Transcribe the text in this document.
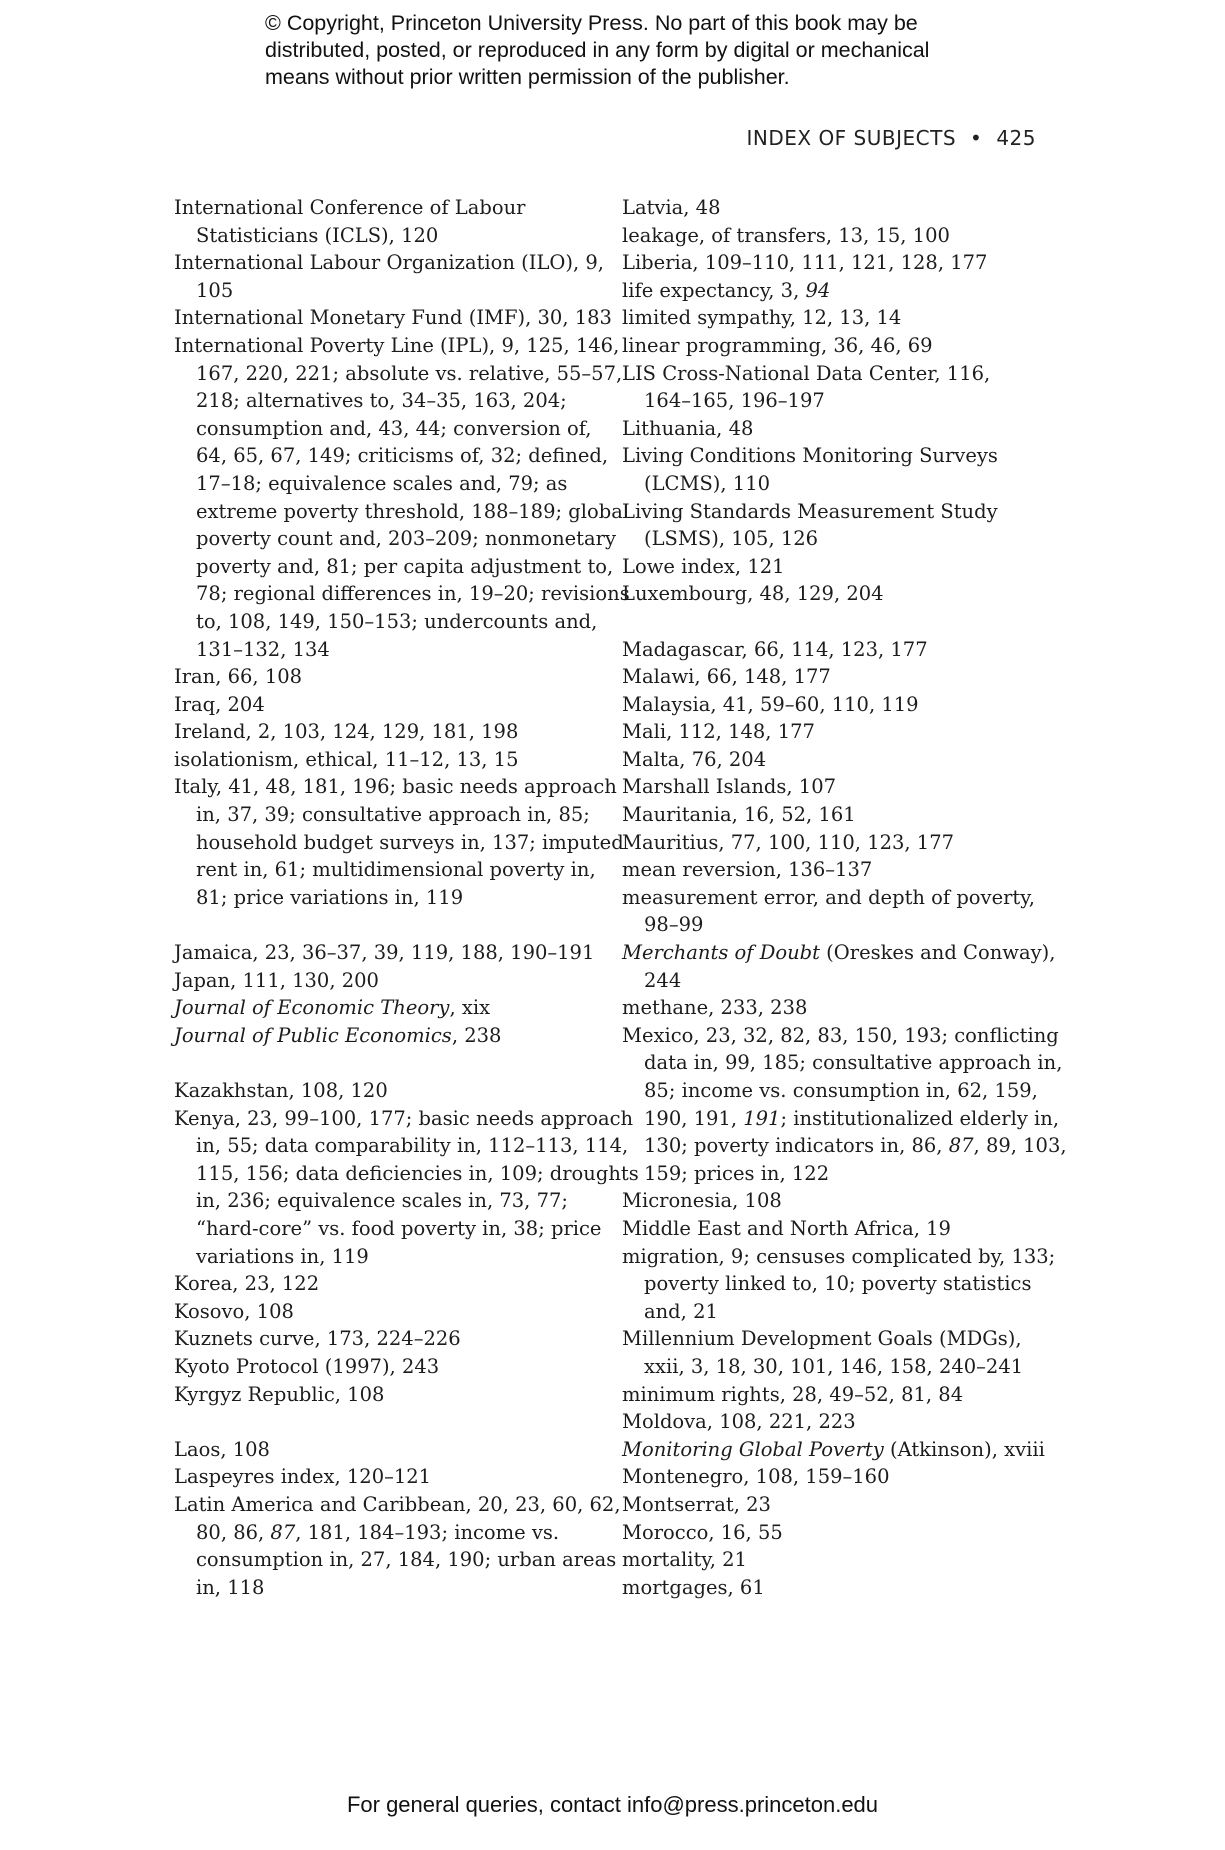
© Copyright, Princeton University Press. No part of this book may be
distributed, posted, or reproduced in any form by digital or mechanical
means without prior written permission of the publisher.
INDEX OF SUBJECTS • 425
International Conference of Labour
Statisticians (ICLS), 120
International Labour Organization (ILO), 9,
105
International Monetary Fund (IMF), 30, 183
International Poverty Line (IPL), 9, 125, 146,
167, 220, 221; absolute vs. relative, 55–57,
218; alternatives to, 34–35, 163, 204;
consumption and, 43, 44; conversion of,
64, 65, 67, 149; criticisms of, 32; defined,
17–18; equivalence scales and, 79; as
extreme poverty threshold, 188–189; global
poverty count and, 203–209; nonmonetary
poverty and, 81; per capita adjustment to,
78; regional differences in, 19–20; revisions
to, 108, 149, 150–153; undercounts and,
131–132, 134
Iran, 66, 108
Iraq, 204
Ireland, 2, 103, 124, 129, 181, 198
isolationism, ethical, 11–12, 13, 15
Italy, 41, 48, 181, 196; basic needs approach
in, 37, 39; consultative approach in, 85;
household budget surveys in, 137; imputed
rent in, 61; multidimensional poverty in,
81; price variations in, 119
Jamaica, 23, 36–37, 39, 119, 188, 190–191
Japan, 111, 130, 200
Journal of Economic Theory, xix
Journal of Public Economics, 238
Kazakhstan, 108, 120
Kenya, 23, 99–100, 177; basic needs approach
in, 55; data comparability in, 112–113, 114,
115, 156; data deficiencies in, 109; droughts
in, 236; equivalence scales in, 73, 77;
“hard-core” vs. food poverty in, 38; price
variations in, 119
Korea, 23, 122
Kosovo, 108
Kuznets curve, 173, 224–226
Kyoto Protocol (1997), 243
Kyrgyz Republic, 108
Laos, 108
Laspeyres index, 120–121
Latin America and Caribbean, 20, 23, 60, 62,
80, 86, 87, 181, 184–193; income vs.
consumption in, 27, 184, 190; urban areas
in, 118
Latvia, 48
leakage, of transfers, 13, 15, 100
Liberia, 109–110, 111, 121, 128, 177
life expectancy, 3, 94
limited sympathy, 12, 13, 14
linear programming, 36, 46, 69
LIS Cross-National Data Center, 116,
164–165, 196–197
Lithuania, 48
Living Conditions Monitoring Surveys
(LCMS), 110
Living Standards Measurement Study
(LSMS), 105, 126
Lowe index, 121
Luxembourg, 48, 129, 204
Madagascar, 66, 114, 123, 177
Malawi, 66, 148, 177
Malaysia, 41, 59–60, 110, 119
Mali, 112, 148, 177
Malta, 76, 204
Marshall Islands, 107
Mauritania, 16, 52, 161
Mauritius, 77, 100, 110, 123, 177
mean reversion, 136–137
measurement error, and depth of poverty,
98–99
Merchants of Doubt (Oreskes and Conway),
244
methane, 233, 238
Mexico, 23, 32, 82, 83, 150, 193; conflicting
data in, 99, 185; consultative approach in,
85; income vs. consumption in, 62, 159,
190, 191, 191; institutionalized elderly in,
130; poverty indicators in, 86, 87, 89, 103,
159; prices in, 122
Micronesia, 108
Middle East and North Africa, 19
migration, 9; censuses complicated by, 133;
poverty linked to, 10; poverty statistics
and, 21
Millennium Development Goals (MDGs),
xxii, 3, 18, 30, 101, 146, 158, 240–241
minimum rights, 28, 49–52, 81, 84
Moldova, 108, 221, 223
Monitoring Global Poverty (Atkinson), xviii
Montenegro, 108, 159–160
Montserrat, 23
Morocco, 16, 55
mortality, 21
mortgages, 61
For general queries, contact info@press.princeton.edu
